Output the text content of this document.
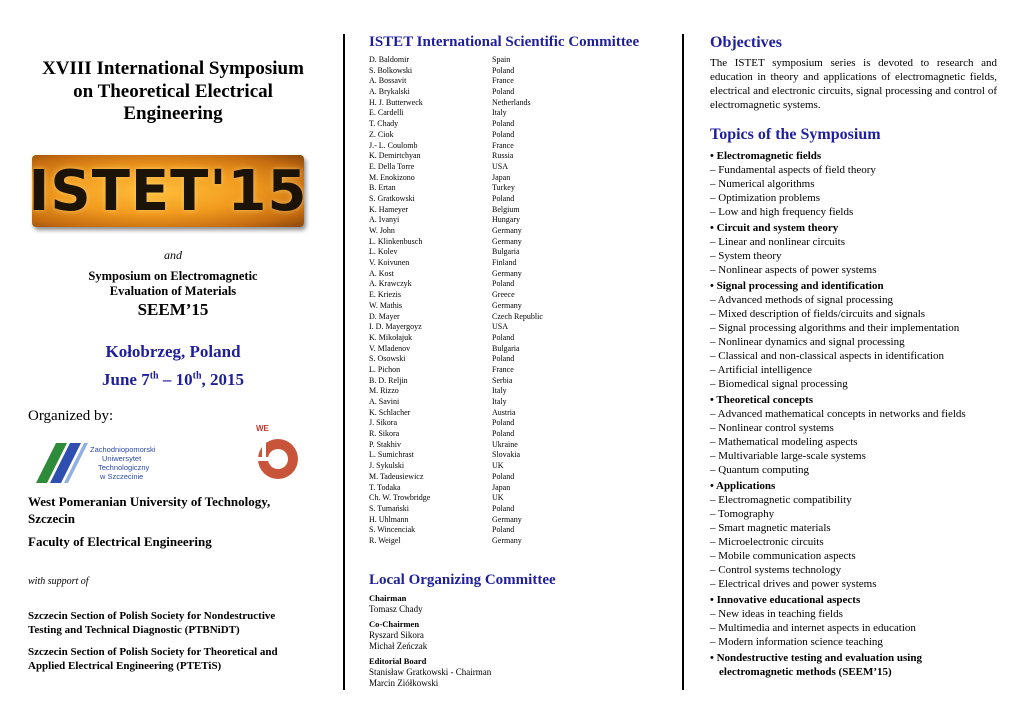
XVIII International Symposium
on Theoretical Electrical
Engineering
ISTET'15
and
Symposium on Electromagnetic
Evaluation of Materials
SEEM’15
Kołobrzeg, Poland
June 7th – 10th, 2015
Organized by:
Zachodniopomorski
Uniwersytet
Technologiczny
w Szczecinie
WE
West Pomeranian University of Technology,
Szczecin
Faculty of Electrical Engineering
with support of
Szczecin Section of Polish Society for Nondestructive
Testing and Technical Diagnostic (PTBNiDT)
Szczecin Section of Polish Society for Theoretical and
Applied Electrical Engineering (PTETiS)
ISTET International Scientific Committee
D. Baldomir	Spain
S. Bolkowski	Poland
A. Bossavit	France
A. Brykalski	Poland
H. J. Butterweck	Netherlands
E. Cardelli	Italy
T. Chady	Poland
Z. Ciok	Poland
J.- L. Coulomb	France
K. Demirtchyan	Russia
E. Della Torre	USA
M. Enokizono	Japan
B. Ertan	Turkey
S. Gratkowski	Poland
K. Hameyer	Belgium
A. Ivanyi	Hungary
W. John	Germany
L. Klinkenbusch	Germany
L. Kolev	Bulgaria
V. Koivunen	Finland
A. Kost	Germany
A. Krawczyk	Poland
E. Kriezis	Greece
W. Mathis	Germany
D. Mayer	Czech Republic
I. D. Mayergoyz	USA
K. Mikołajuk	Poland
V. Mladenov	Bulgaria
S. Osowski	Poland
L. Pichon	France
B. D. Reljin	Serbia
M. Rizzo	Italy
A. Savini	Italy
K. Schlacher	Austria
J. Sikora	Poland
R. Sikora	Poland
P. Stakhiv	Ukraine
L. Sumichrast	Slovakia
J. Sykulski	UK
M. Tadeusiewicz	Poland
T. Todaka	Japan
Ch. W. Trowbridge	UK
S. Tumański	Poland
H. Uhlmann	Germany
S. Wincenciak	Poland
R. Weigel	Germany
Local Organizing Committee
Chairman
Tomasz Chady
Co-Chairmen
Ryszard Sikora
Michał Zeńczak
Editorial Board
Stanisław Gratkowski - Chairman
Marcin Ziółkowski
Objectives
The ISTET symposium series is devoted to research and education in theory and applications of electromagnetic fields, electrical and electronic circuits, signal processing and control of electromagnetic systems.
Topics of the Symposium
• Electromagnetic fields
– Fundamental aspects of field theory
– Numerical algorithms
– Optimization problems
– Low and high frequency fields
• Circuit and system theory
– Linear and nonlinear circuits
– System theory
– Nonlinear aspects of power systems
• Signal processing and identification
– Advanced methods of signal processing
– Mixed description of fields/circuits and signals
– Signal processing algorithms and their implementation
– Nonlinear dynamics and signal processing
– Classical and non-classical aspects in identification
– Artificial intelligence
– Biomedical signal processing
• Theoretical concepts
– Advanced mathematical concepts in networks and fields
– Nonlinear control systems
– Mathematical modeling aspects
– Multivariable large-scale systems
– Quantum computing
• Applications
– Electromagnetic compatibility
– Tomography
– Smart magnetic materials
– Microelectronic circuits
– Mobile communication aspects
– Control systems technology
– Electrical drives and power systems
• Innovative educational aspects
– New ideas in teaching fields
– Multimedia and internet aspects in education
– Modern information science teaching
• Nondestructive testing and evaluation using
electromagnetic methods (SEEM’15)
